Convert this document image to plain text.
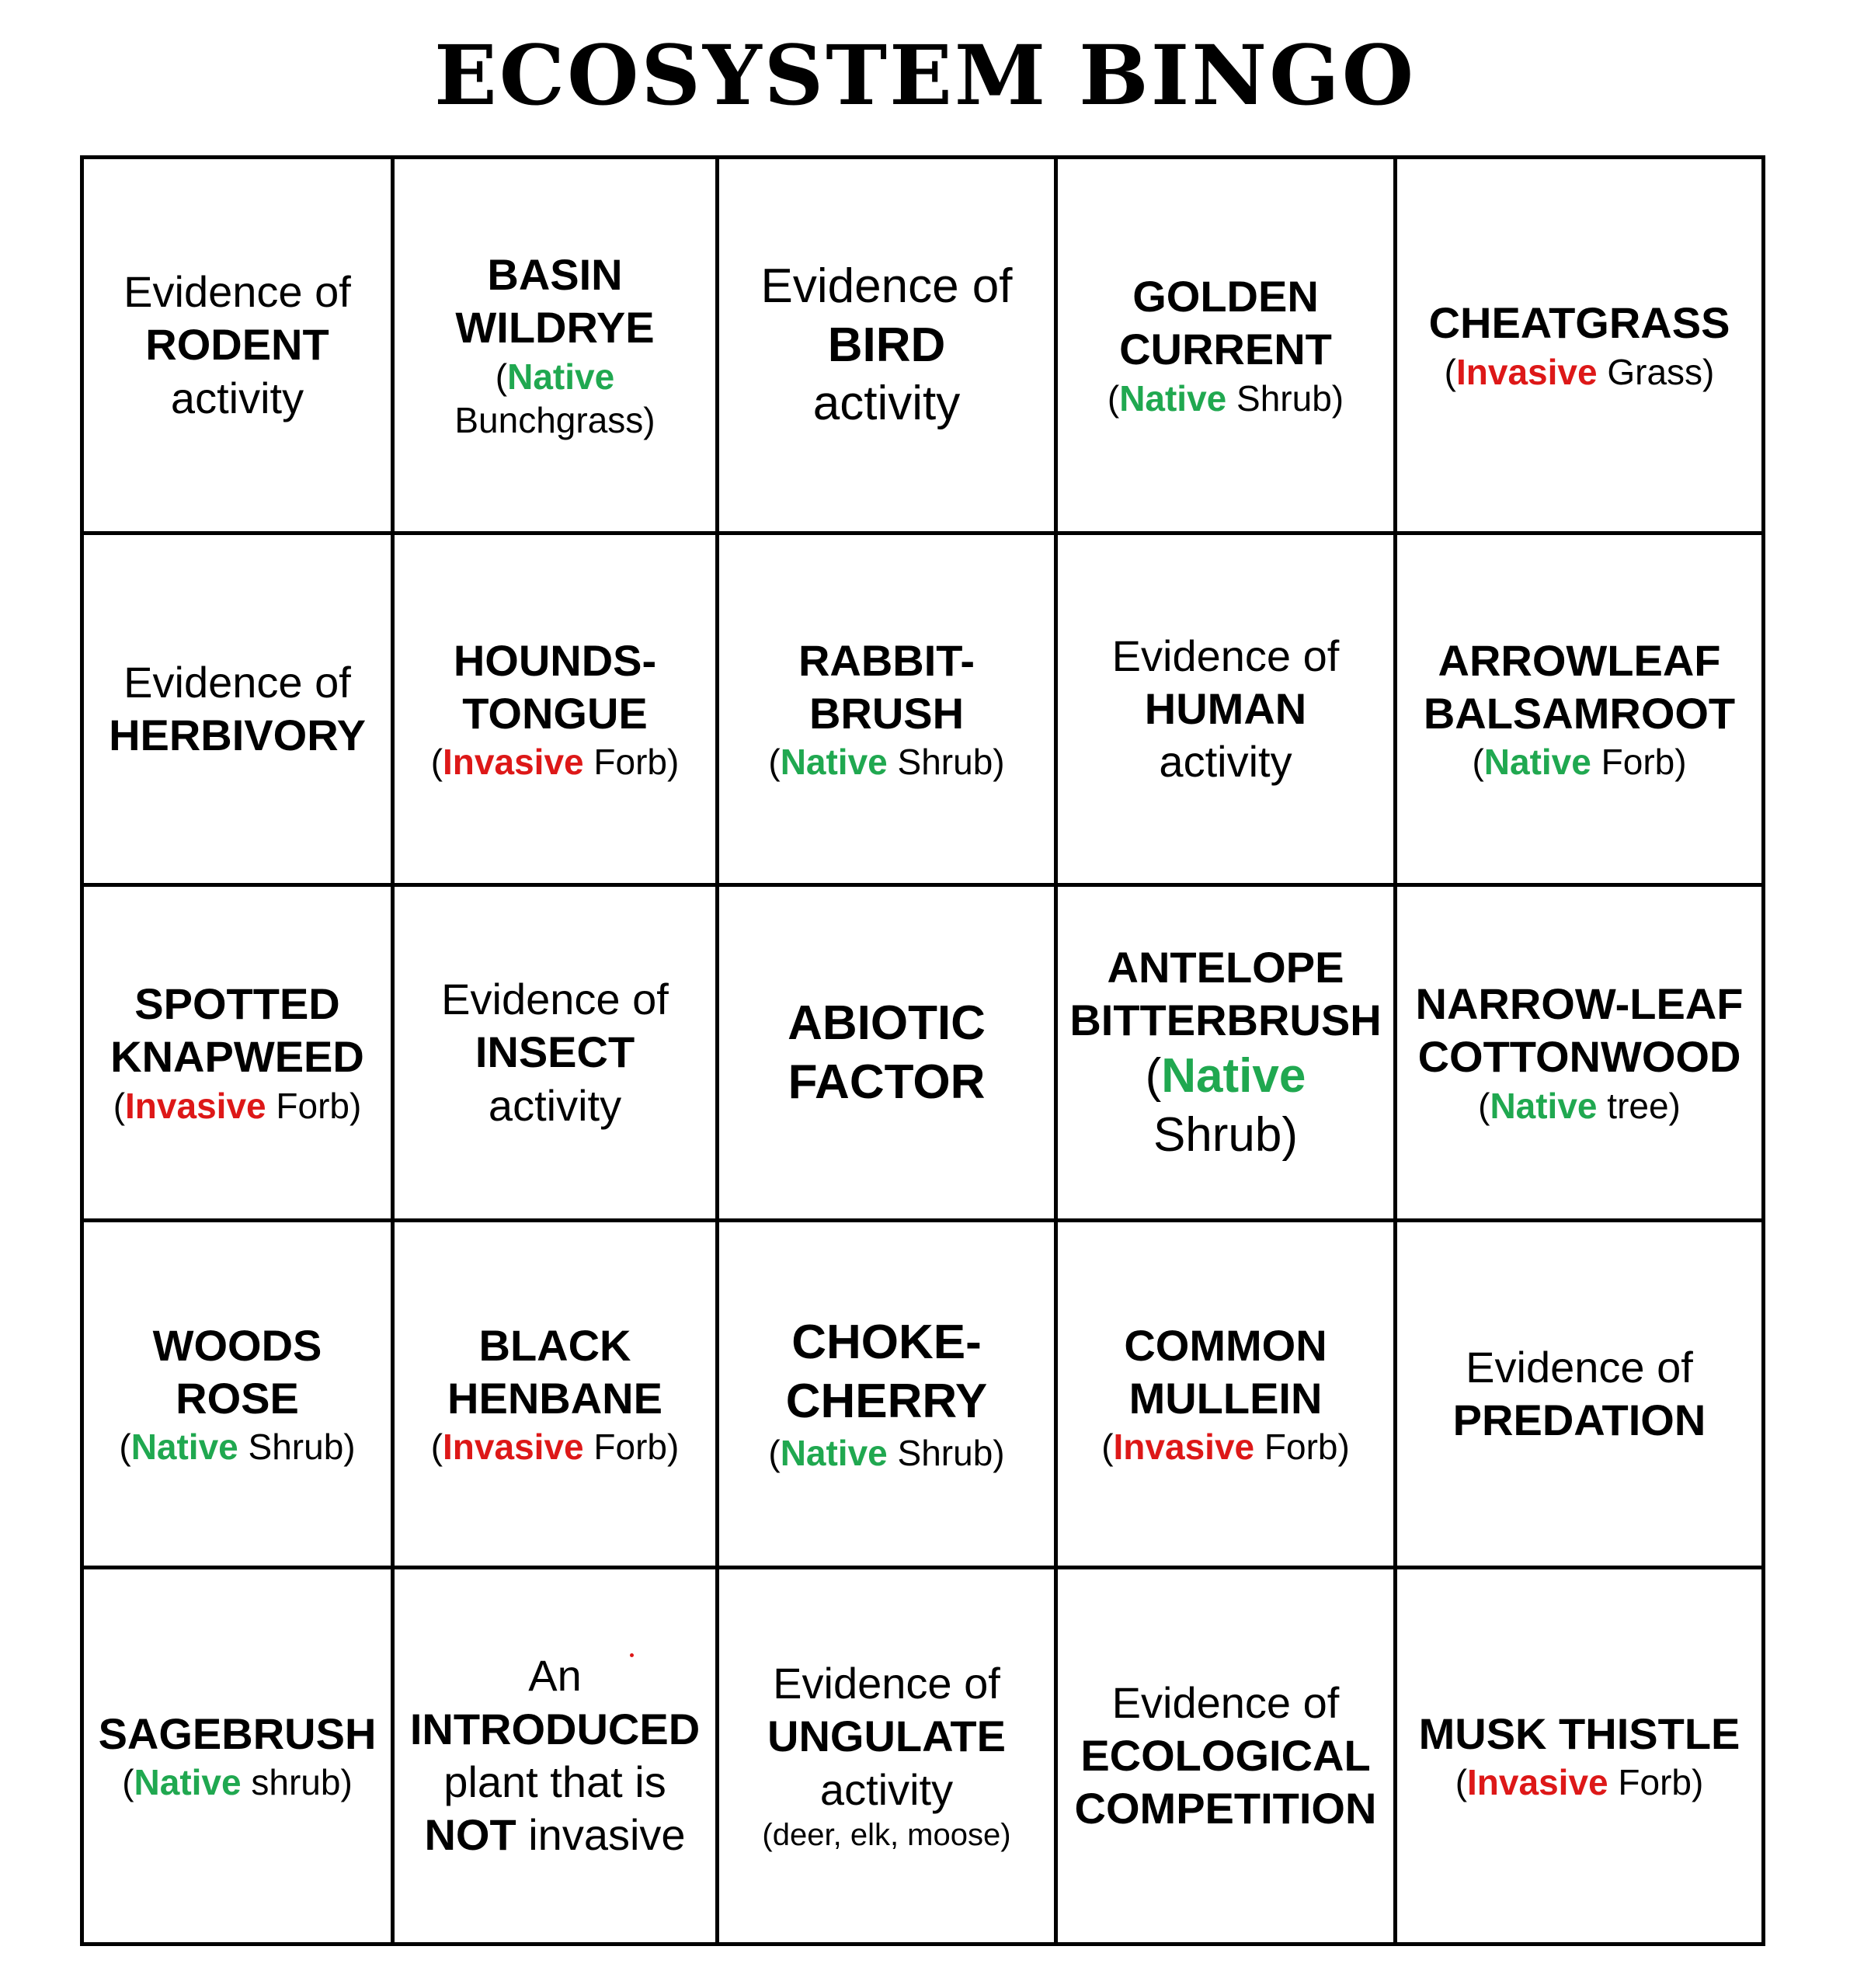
ECOSYSTEM BINGO
Evidence of
RODENT
activity
BASIN
WILDRYE
(Native
Bunchgrass)
Evidence of
BIRD
activity
GOLDEN
CURRENT
(Native Shrub)
CHEATGRASS
(Invasive Grass)
Evidence of
HERBIVORY
HOUNDS-
TONGUE
(Invasive Forb)
RABBIT-
BRUSH
(Native Shrub)
Evidence of
HUMAN
activity
ARROWLEAF
BALSAMROOT
(Native Forb)
SPOTTED
KNAPWEED
(Invasive Forb)
Evidence of
INSECT
activity
ABIOTIC
FACTOR
ANTELOPE
BITTERBRUSH
(Native
Shrub)
NARROW-LEAF
COTTONWOOD
(Native tree)
WOODS
ROSE
(Native Shrub)
BLACK
HENBANE
(Invasive Forb)
CHOKE-
CHERRY
(Native Shrub)
COMMON
MULLEIN
(Invasive Forb)
Evidence of
PREDATION
SAGEBRUSH
(Native shrub)
An
INTRODUCED
plant that is
NOT invasive
Evidence of
UNGULATE
activity
(deer, elk, moose)
Evidence of
ECOLOGICAL
COMPETITION
MUSK THISTLE
(Invasive Forb)
